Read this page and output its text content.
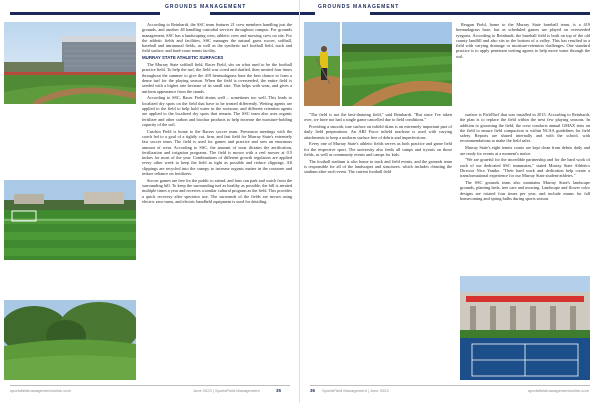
GROUNDS MANAGEMENT

According to Reinhardt, the SSC team features 21 crew members handling just the grounds, and another 48 handling custodial services throughout campus. For grounds management, SSC has a landscaping crew, athletic crew and mowing crew on site. For the athletic fields and facilities, SSC manages the natural grass soccer, softball, baseball and intramural fields, as well as the synthetic turf football field, track and field surface, and hard-court tennis facility.

MURRAY STATE ATHLETIC SURFACES

The Murray State softball field, Racer Field, sits on what used to be the football practice field. To help the turf, the field was cored and drafted, then aerated four times throughout the summer to give the 419 bermudagrass base the best chance to form a dense turf for the playing season. When the field is overseeded, the entire field is seeded with a higher rate because of its small size. This helps with wear, and gives a uniform appearance from the stands.

According to SSC, Racer Field drains well – sometimes too well. This leads to localized dry spots on the field that have to be treated differently. Wetting agents are applied to the field to help hold water in the rootzone, and different retention agents are applied to the localized dry spots that remain. The SSC team also uses organic fertilizer and other carbon and biochar products to help increase the moisture-holding capacity of the soil.

Cutchin Field is home to the Racers soccer team. Preseason meetings with the coach led to a goal of a tightly cut, firm, and fast field for Murray State's extremely fast soccer team. The field is used for games and practice and sees an enormous amount of wear. According to SSC, the amount of wear dictates the aerification, fertilization and irrigation programs. The field is mown with a reel mower at 0.5 inches for most of the year. Combinations of different growth regulators are applied every other week to keep the field as tight as possible and reduce clippings. All clippings are recycled into the canopy to increase organic matter in the rootzone and reduce reliance on fertilizers.

Soccer games are free for the public to attend, and fans can park and watch from the surrounding hill. To keep the surrounding turf as healthy as possible, the hill is aerated multiple times a year and receives a similar cultural program as the field. This provides a quick recovery after spectator use. The surrounds of the fields are mown using electric zero-turns, and electric handheld equipment is used for detailing.

sportsfieldmanagementonline.com	June 2023 | SportsField Management	35
GROUNDS MANAGEMENT

"The field is not the best-draining field," said Reinhardt. "But since I've taken over, we have not had a single game cancelled due to field conditions."

Providing a smooth, true surface on infield skins is an extremely important part of daily field preparations. An ABI Force infield machine is used with varying attachments to keep a uniform surface free of debris and imperfections.

Every one of Murray State's athletic fields serves as both practice and game field for the respective sport. The university also feeds all camps and tryouts on those fields, as well as community events and camps for kids.

The football stadium is also home to track and field events, and the grounds team is responsible for all of the landscapes and structures, which includes cleaning the stadium after each event. The current football field

surface is FieldTurf that was installed in 2015. According to Reinhardt, the plan is to replace the field within the next few playing seasons. In addition to grooming the field, the crew conducts annual GMAX tests on the field to ensure field compaction is within NCAA guidelines for field safety. Reports are shared internally and with the school, with recommendations to make the field safer.

Murray State's eight tennis courts are kept clean from debris daily and are ready for events at a moment's notice.

"We are grateful for the incredible partnership and for the hard work of each of our dedicated SSC teammates," stated Murray State Athletics Director Nico Yantko. "Their hard work and dedication help create a transformational experience for our Murray State student-athletes."

The SSC grounds team also maintains Murray State's landscape grounds, planting beds, tree care and mowing. Landscape and flower color designs are rotated four times per year, and include mums for fall homecoming and spring bulbs during sports season.

Reagan Field, home to the Murray State baseball team, is a 419 bermudagrass base, but as scheduled games are played on overseeded ryegrass. According to Reinhardt, the baseball field is built on top of the old county landfill and also sits in the bottom of a valley. This has resulted in a field with varying drainage or moisture-retention challenges. One standard practice is to apply penetrant wetting agents to help move water through the soil.

36 SportsField Management | June 2023	sportsfieldmanagementonline.com
